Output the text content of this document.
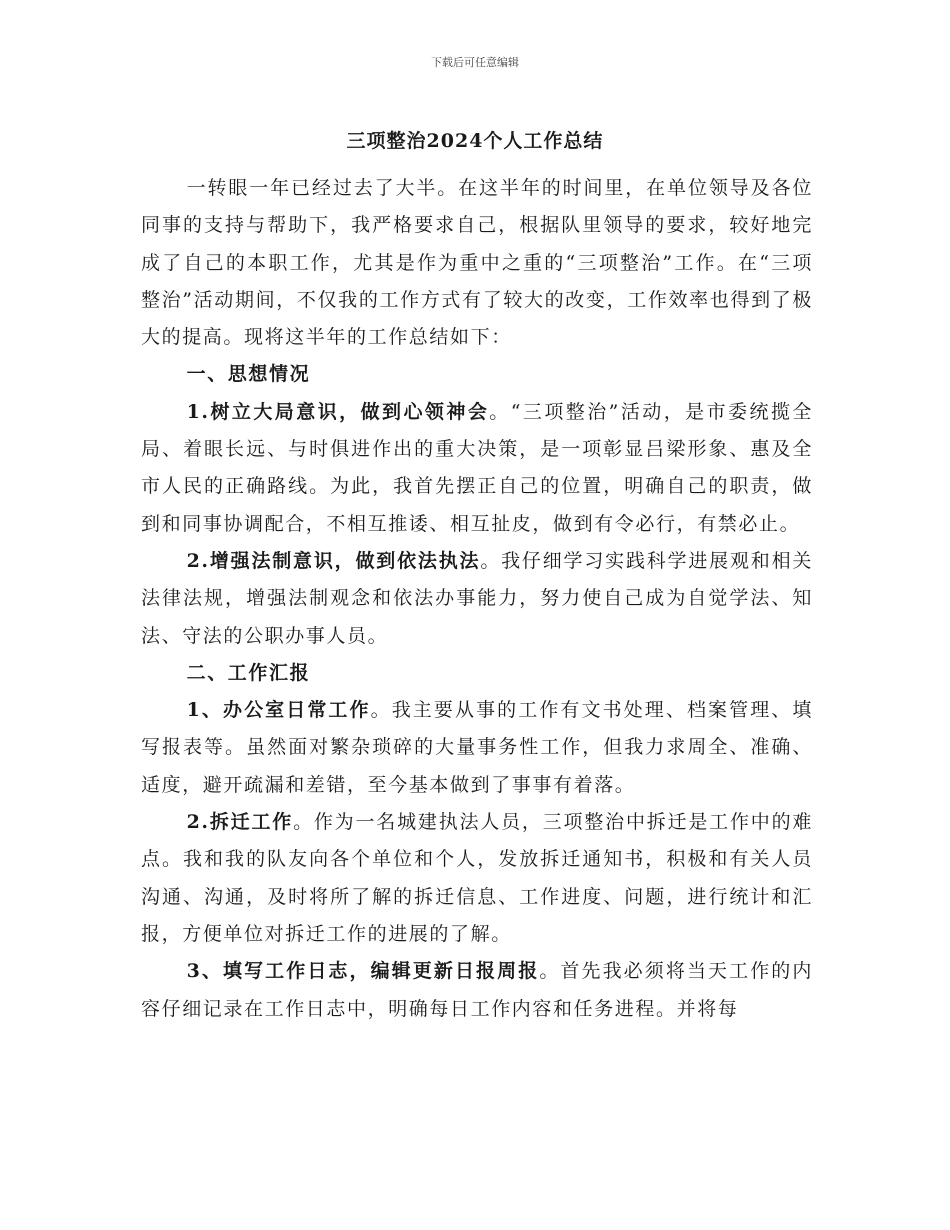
下载后可任意编辑
三项整治2024个人工作总结

一转眼一年已经过去了大半。在这半年的时间里，在单位领导及各位同事的支持与帮助下，我严格要求自己，根据队里领导的要求，较好地完成了自己的本职工作，尤其是作为重中之重的“三项整治”工作。在“三项整治”活动期间，不仅我的工作方式有了较大的改变，工作效率也得到了极大的提高。现将这半年的工作总结如下：

一、思想情况

1.树立大局意识，做到心领神会。“三项整治”活动，是市委统揽全局、着眼长远、与时俱进作出的重大决策，是一项彰显吕梁形象、惠及全市人民的正确路线。为此，我首先摆正自己的位置，明确自己的职责，做到和同事协调配合，不相互推诿、相互扯皮，做到有令必行，有禁必止。

2.增强法制意识，做到依法执法。我仔细学习实践科学进展观和相关法律法规，增强法制观念和依法办事能力，努力使自己成为自觉学法、知法、守法的公职办事人员。

二、工作汇报

1、办公室日常工作。我主要从事的工作有文书处理、档案管理、填写报表等。虽然面对繁杂琐碎的大量事务性工作，但我力求周全、准确、适度，避开疏漏和差错，至今基本做到了事事有着落。

2.拆迁工作。作为一名城建执法人员，三项整治中拆迁是工作中的难点。我和我的队友向各个单位和个人，发放拆迁通知书，积极和有关人员沟通、沟通，及时将所了解的拆迁信息、工作进度、问题，进行统计和汇报，方便单位对拆迁工作的进展的了解。

3、填写工作日志，编辑更新日报周报。首先我必须将当天工作的内容仔细记录在工作日志中，明确每日工作内容和任务进程。并将每
